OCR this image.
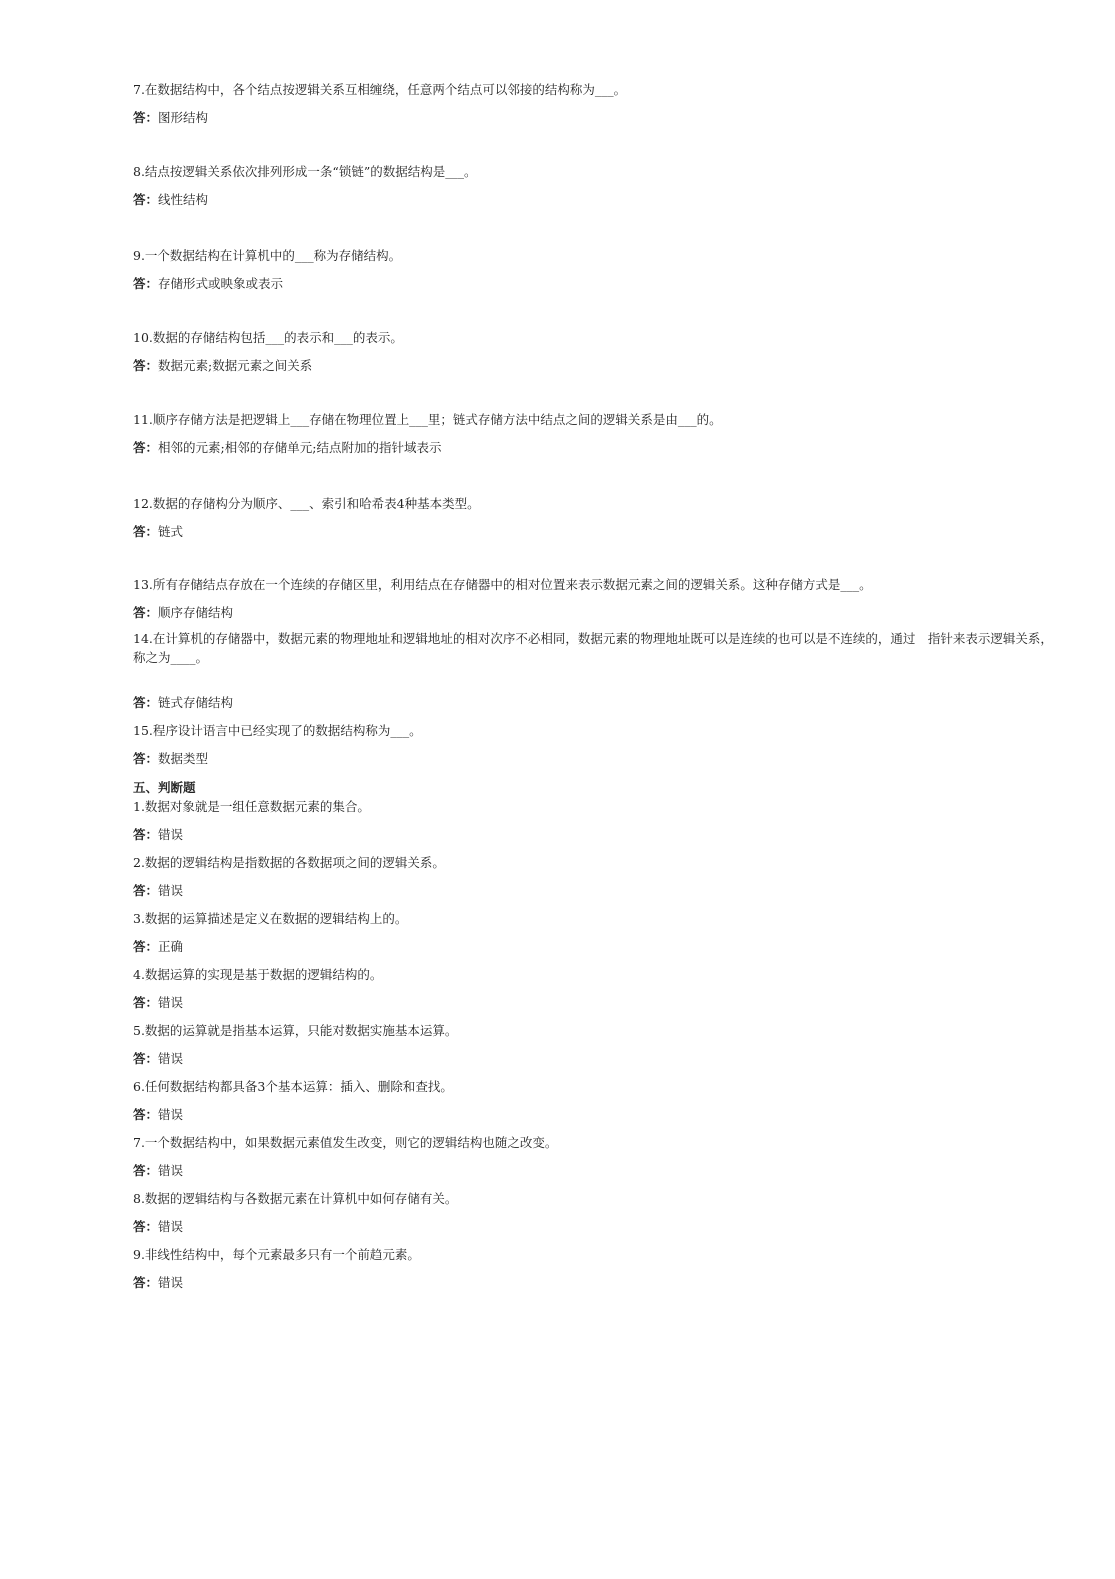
7.在数据结构中，各个结点按逻辑关系互相缠绕，任意两个结点可以邻接的结构称为___。

答：图形结构

8.结点按逻辑关系依次排列形成一条“锁链”的数据结构是___。

答：线性结构

9.一个数据结构在计算机中的___称为存储结构。

答：存储形式或映象或表示

10.数据的存储结构包括___的表示和___的表示。

答：数据元素;数据元素之间关系

11.顺序存储方法是把逻辑上___存储在物理位置上___里；链式存储方法中结点之间的逻辑关系是由___的。

答：相邻的元素;相邻的存储单元;结点附加的指针域表示

12.数据的存储构分为顺序、___、索引和哈希表4种基本类型。

答：链式

13.所有存储结点存放在一个连续的存储区里，利用结点在存储器中的相对位置来表示数据元素之间的逻辑关系。这种存储方式是___。

答：顺序存储结构

14.在计算机的存储器中，数据元素的物理地址和逻辑地址的相对次序不必相同，数据元素的物理地址既可以是连续的也可以是不连续的，通过　指针来表示逻辑关系，称之为____。

答：链式存储结构

15.程序设计语言中已经实现了的数据结构称为___。

答：数据类型

五、判断题

1.数据对象就是一组任意数据元素的集合。

答：错误

2.数据的逻辑结构是指数据的各数据项之间的逻辑关系。

答：错误

3.数据的运算描述是定义在数据的逻辑结构上的。

答：正确

4.数据运算的实现是基于数据的逻辑结构的。

答：错误

5.数据的运算就是指基本运算，只能对数据实施基本运算。

答：错误

6.任何数据结构都具备3个基本运算：插入、删除和查找。

答：错误

7.一个数据结构中，如果数据元素值发生改变，则它的逻辑结构也随之改变。

答：错误

8.数据的逻辑结构与各数据元素在计算机中如何存储有关。

答：错误

9.非线性结构中，每个元素最多只有一个前趋元素。

答：错误
